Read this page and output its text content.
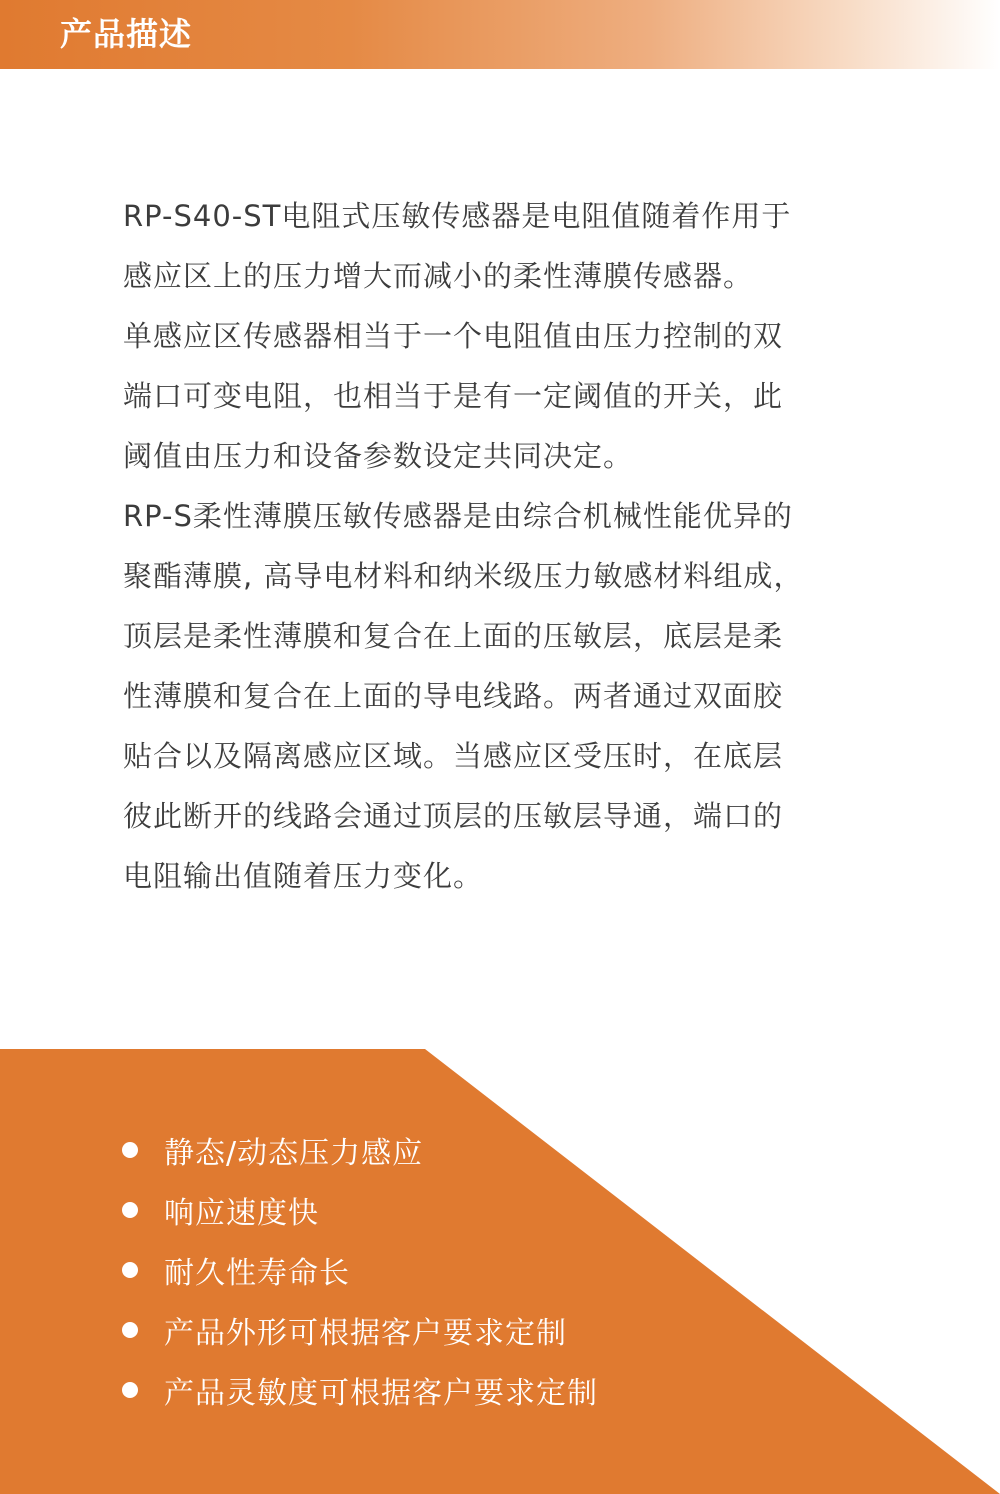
产品描述
RP-S40-ST电阻式压敏传感器是电阻值随着作用于
感应区上的压力增大而减小的柔性薄膜传感器。
单感应区传感器相当于一个电阻值由压力控制的双
端口可变电阻，也相当于是有一定阈值的开关，此
阈值由压力和设备参数设定共同决定。
RP-S柔性薄膜压敏传感器是由综合机械性能优异的
聚酯薄膜, 高导电材料和纳米级压力敏感材料组成，
顶层是柔性薄膜和复合在上面的压敏层，底层是柔
性薄膜和复合在上面的导电线路。两者通过双面胶
贴合以及隔离感应区域。当感应区受压时，在底层
彼此断开的线路会通过顶层的压敏层导通，端口的
电阻输出值随着压力变化。
静态/动态压力感应
响应速度快
耐久性寿命长
产品外形可根据客户要求定制
产品灵敏度可根据客户要求定制
